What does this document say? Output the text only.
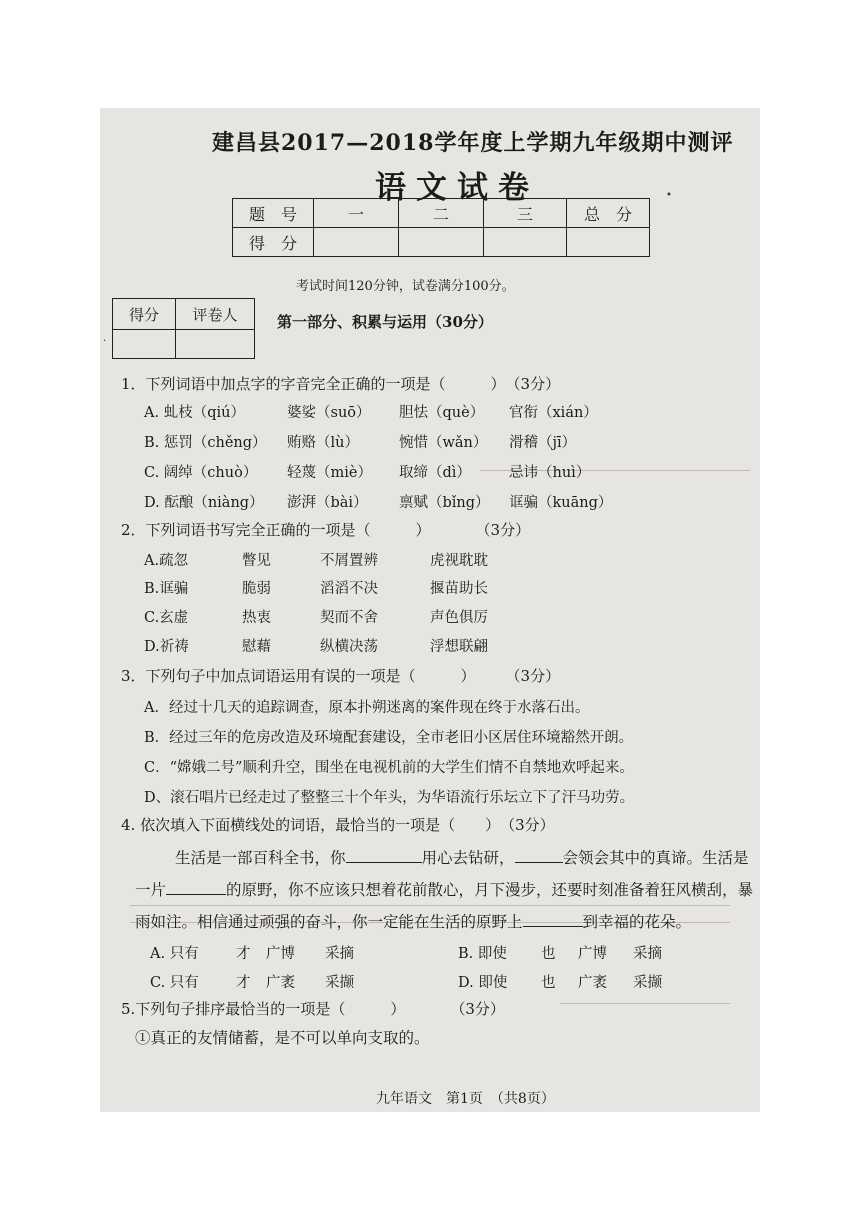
建昌县2017—2018学年度上学期九年级期中测评
语文试卷	•
题　号	一	二	三	总　分
得　分				
考试时间120分钟，试卷满分100分。
得分	评卷人

·
第一部分、积累与运用（30分）
1．下列词语中加点字的字音完全正确的一项是（　　　）　（3分）
A. 虬枝（qiú）	婆娑（suō） 胆怯（què） 官衔（xián）
B. 惩罚（chěng） 贿赂（lù）	惋惜（wǎn） 滑稽（jī）
C. 阔绰（chuò） 轻蔑（miè） 取缔（dì）	忌讳（huì）
D. 酝酿（niàng） 澎湃（bài） 禀赋（bǐng） 诓骗（kuāng）
2．下列词语书写完全正确的一项是（　　　）　　　　（3分）
A.疏忽	瞥见	不屑置辨	虎视耽耽
B.诓骗	脆弱	滔滔不决	揠苗助长
C.玄虚	热衷	契而不舍	声色俱厉
D.祈祷	慰藉	纵横决荡	浮想联翩
3．下列句子中加点词语运用有误的一项是（　　　）　　　（3分）
A．经过十几天的追踪调查，原本扑朔迷离的案件现在终于水落石出。
B．经过三年的危房改造及环境配套建设，全市老旧小区居住环境豁然开朗。
C．“嫦娥二号”顺利升空，围坐在电视机前的大学生们情不自禁地欢呼起来。
D、滚石唱片已经走过了整整三十个年头，为华语流行乐坛立下了汗马功劳。
4. 依次填入下面横线处的词语，最恰当的一项是（　　）　（3分）
生活是一部百科全书，你	用心去钻研，	会领会其中的真谛。生活是
一片	的原野，你不应该只想着花前散心，月下漫步，还要时刻准备着狂风横刮，暴
雨如注。相信通过顽强的奋斗，你一定能在生活的原野上	到幸福的花朵。
A. 只有	才 广博 采摘	B. 即使 也 广博 采摘
C. 只有	才 广袤 采撷	D. 即使 也 广袤 采撷
5.下列句子排序最恰当的一项是（　　　）　　　　（3分）
①真正的友情储蓄，是不可以单向支取的。
九年语文　第1页　（共8页）
